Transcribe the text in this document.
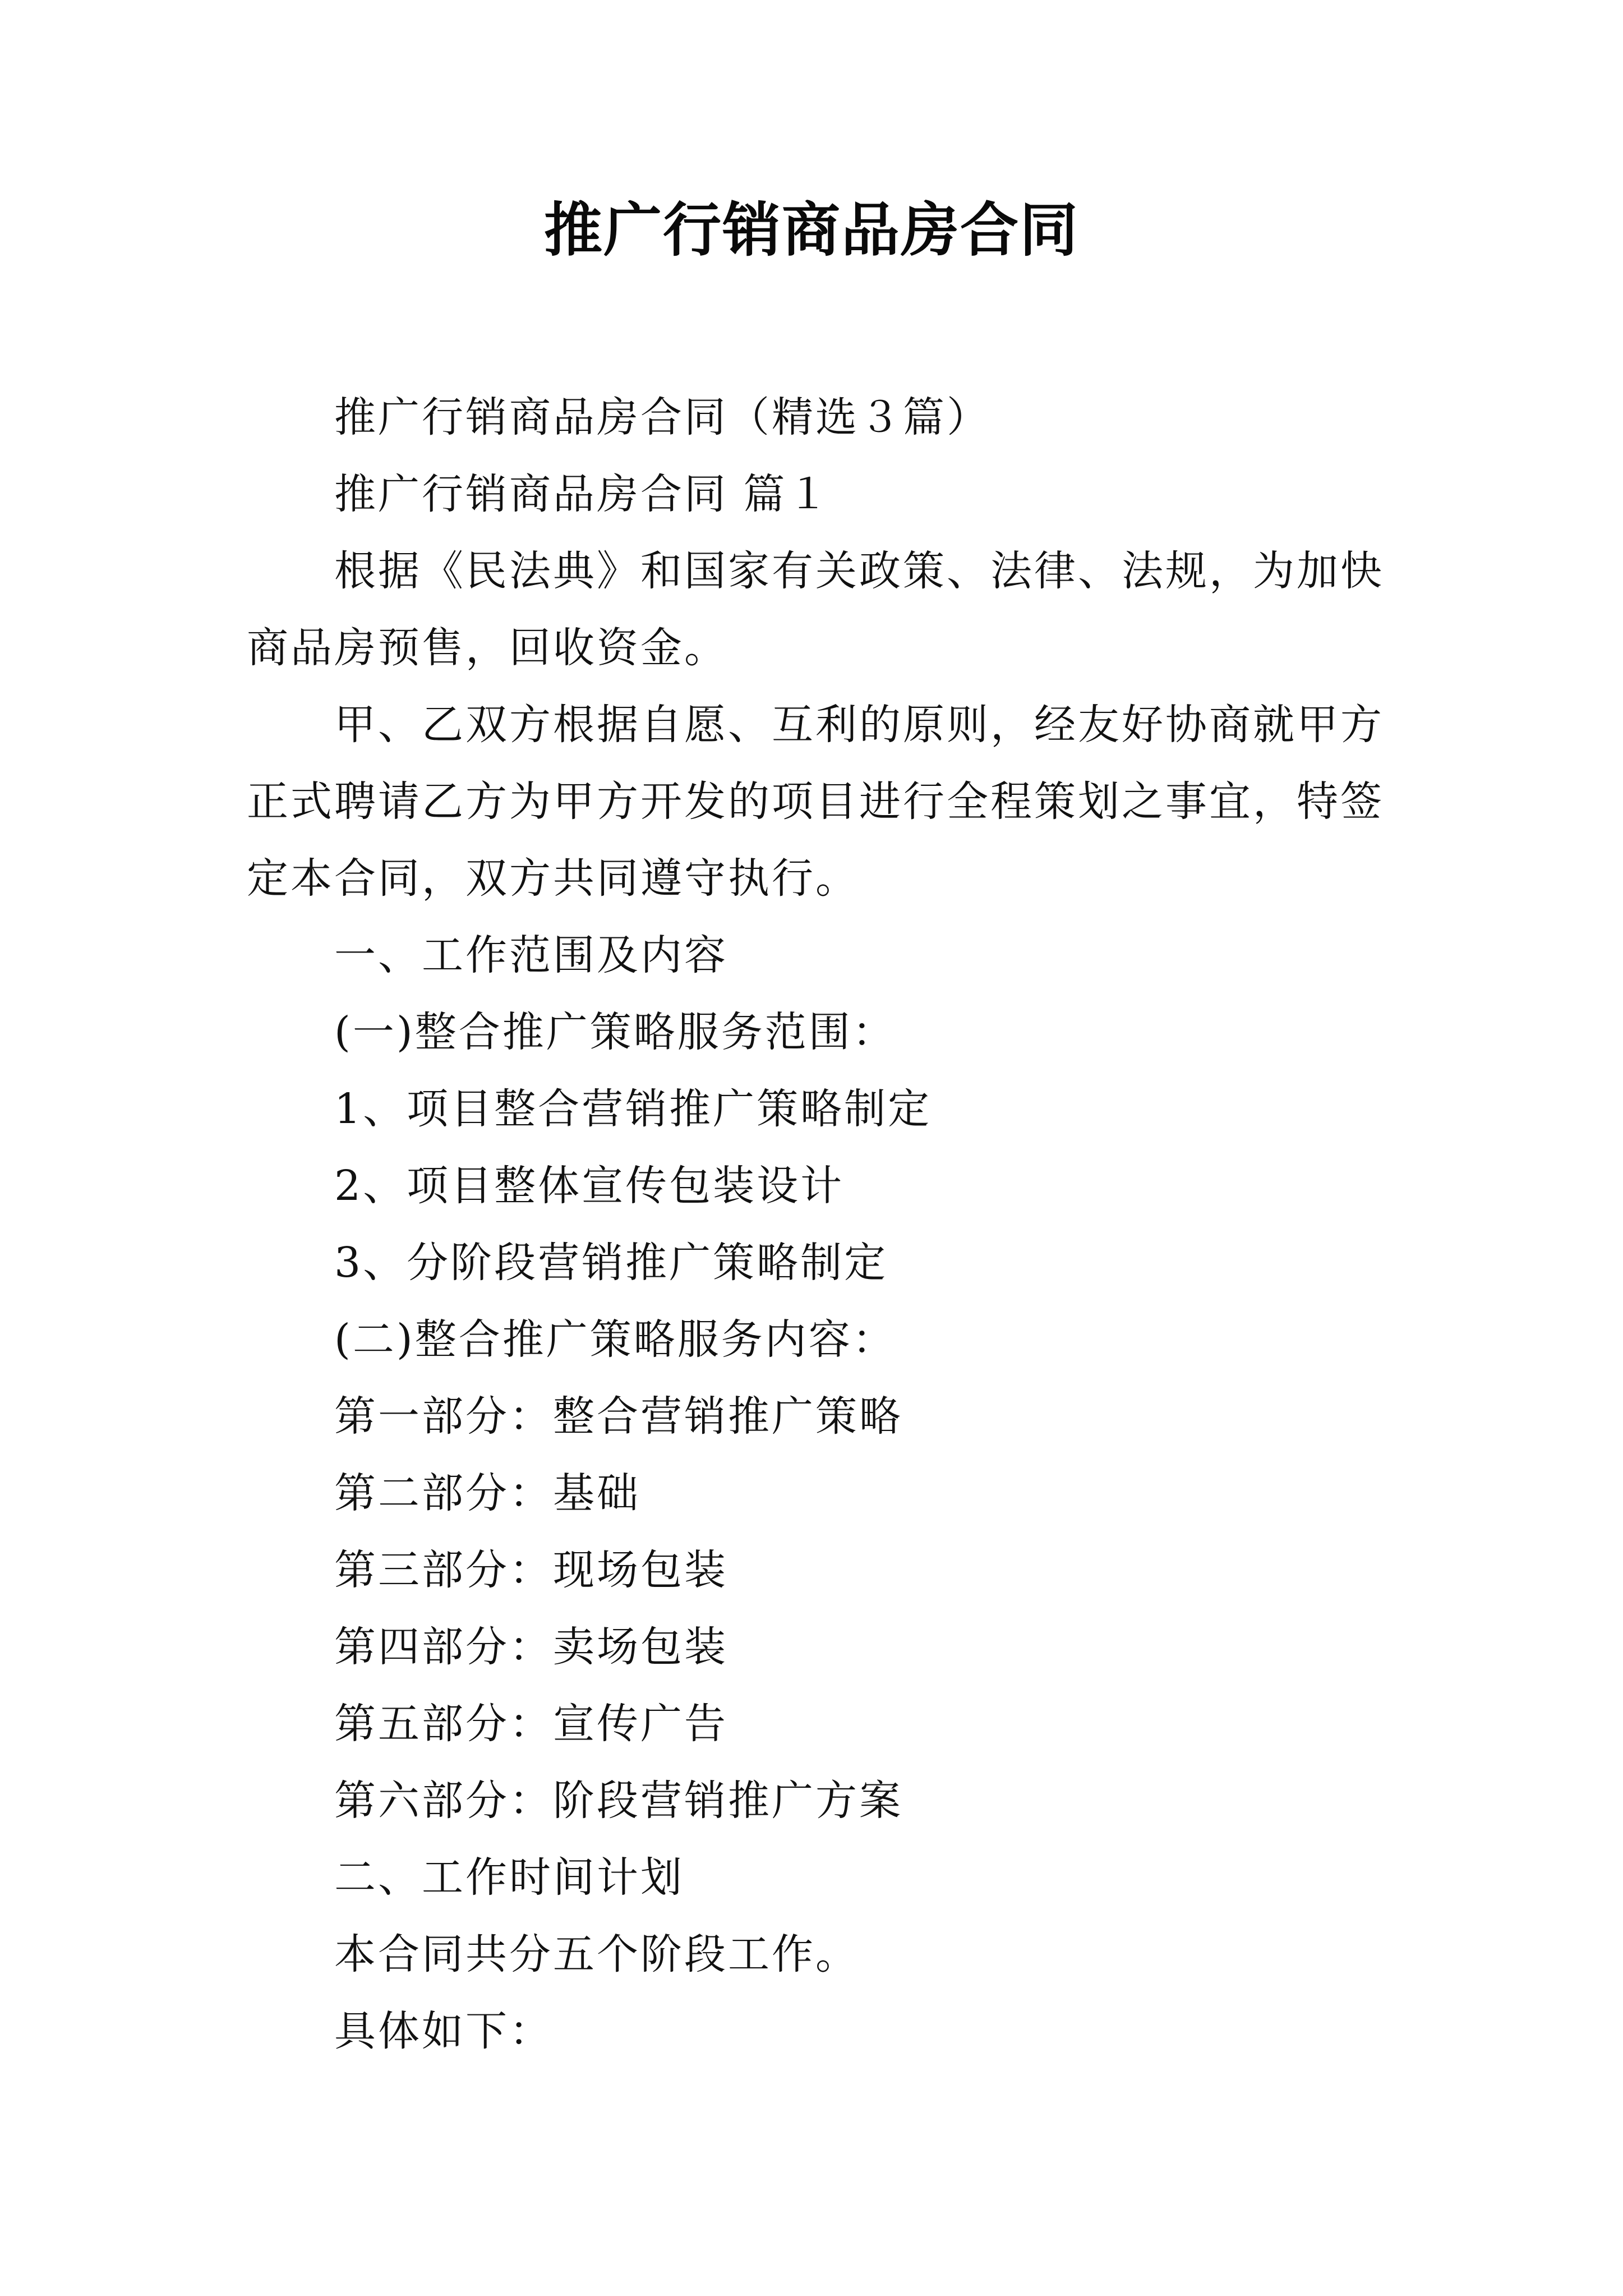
推广行销商品房合同

推广行销商品房合同（精选３篇）

推广行销商品房合同 篇１

根据《民法典》和国家有关政策、法律、法规，为加快商品房预售，回收资金。

甲、乙双方根据自愿、互利的原则，经友好协商就甲方正式聘请乙方为甲方开发的项目进行全程策划之事宜，特签定本合同，双方共同遵守执行。

一、工作范围及内容

(一)整合推广策略服务范围：

1、项目整合营销推广策略制定

2、项目整体宣传包装设计

3、分阶段营销推广策略制定

(二)整合推广策略服务内容：

第一部分：整合营销推广策略

第二部分：基础

第三部分：现场包装

第四部分：卖场包装

第五部分：宣传广告

第六部分：阶段营销推广方案

二、工作时间计划

本合同共分五个阶段工作。

具体如下：
